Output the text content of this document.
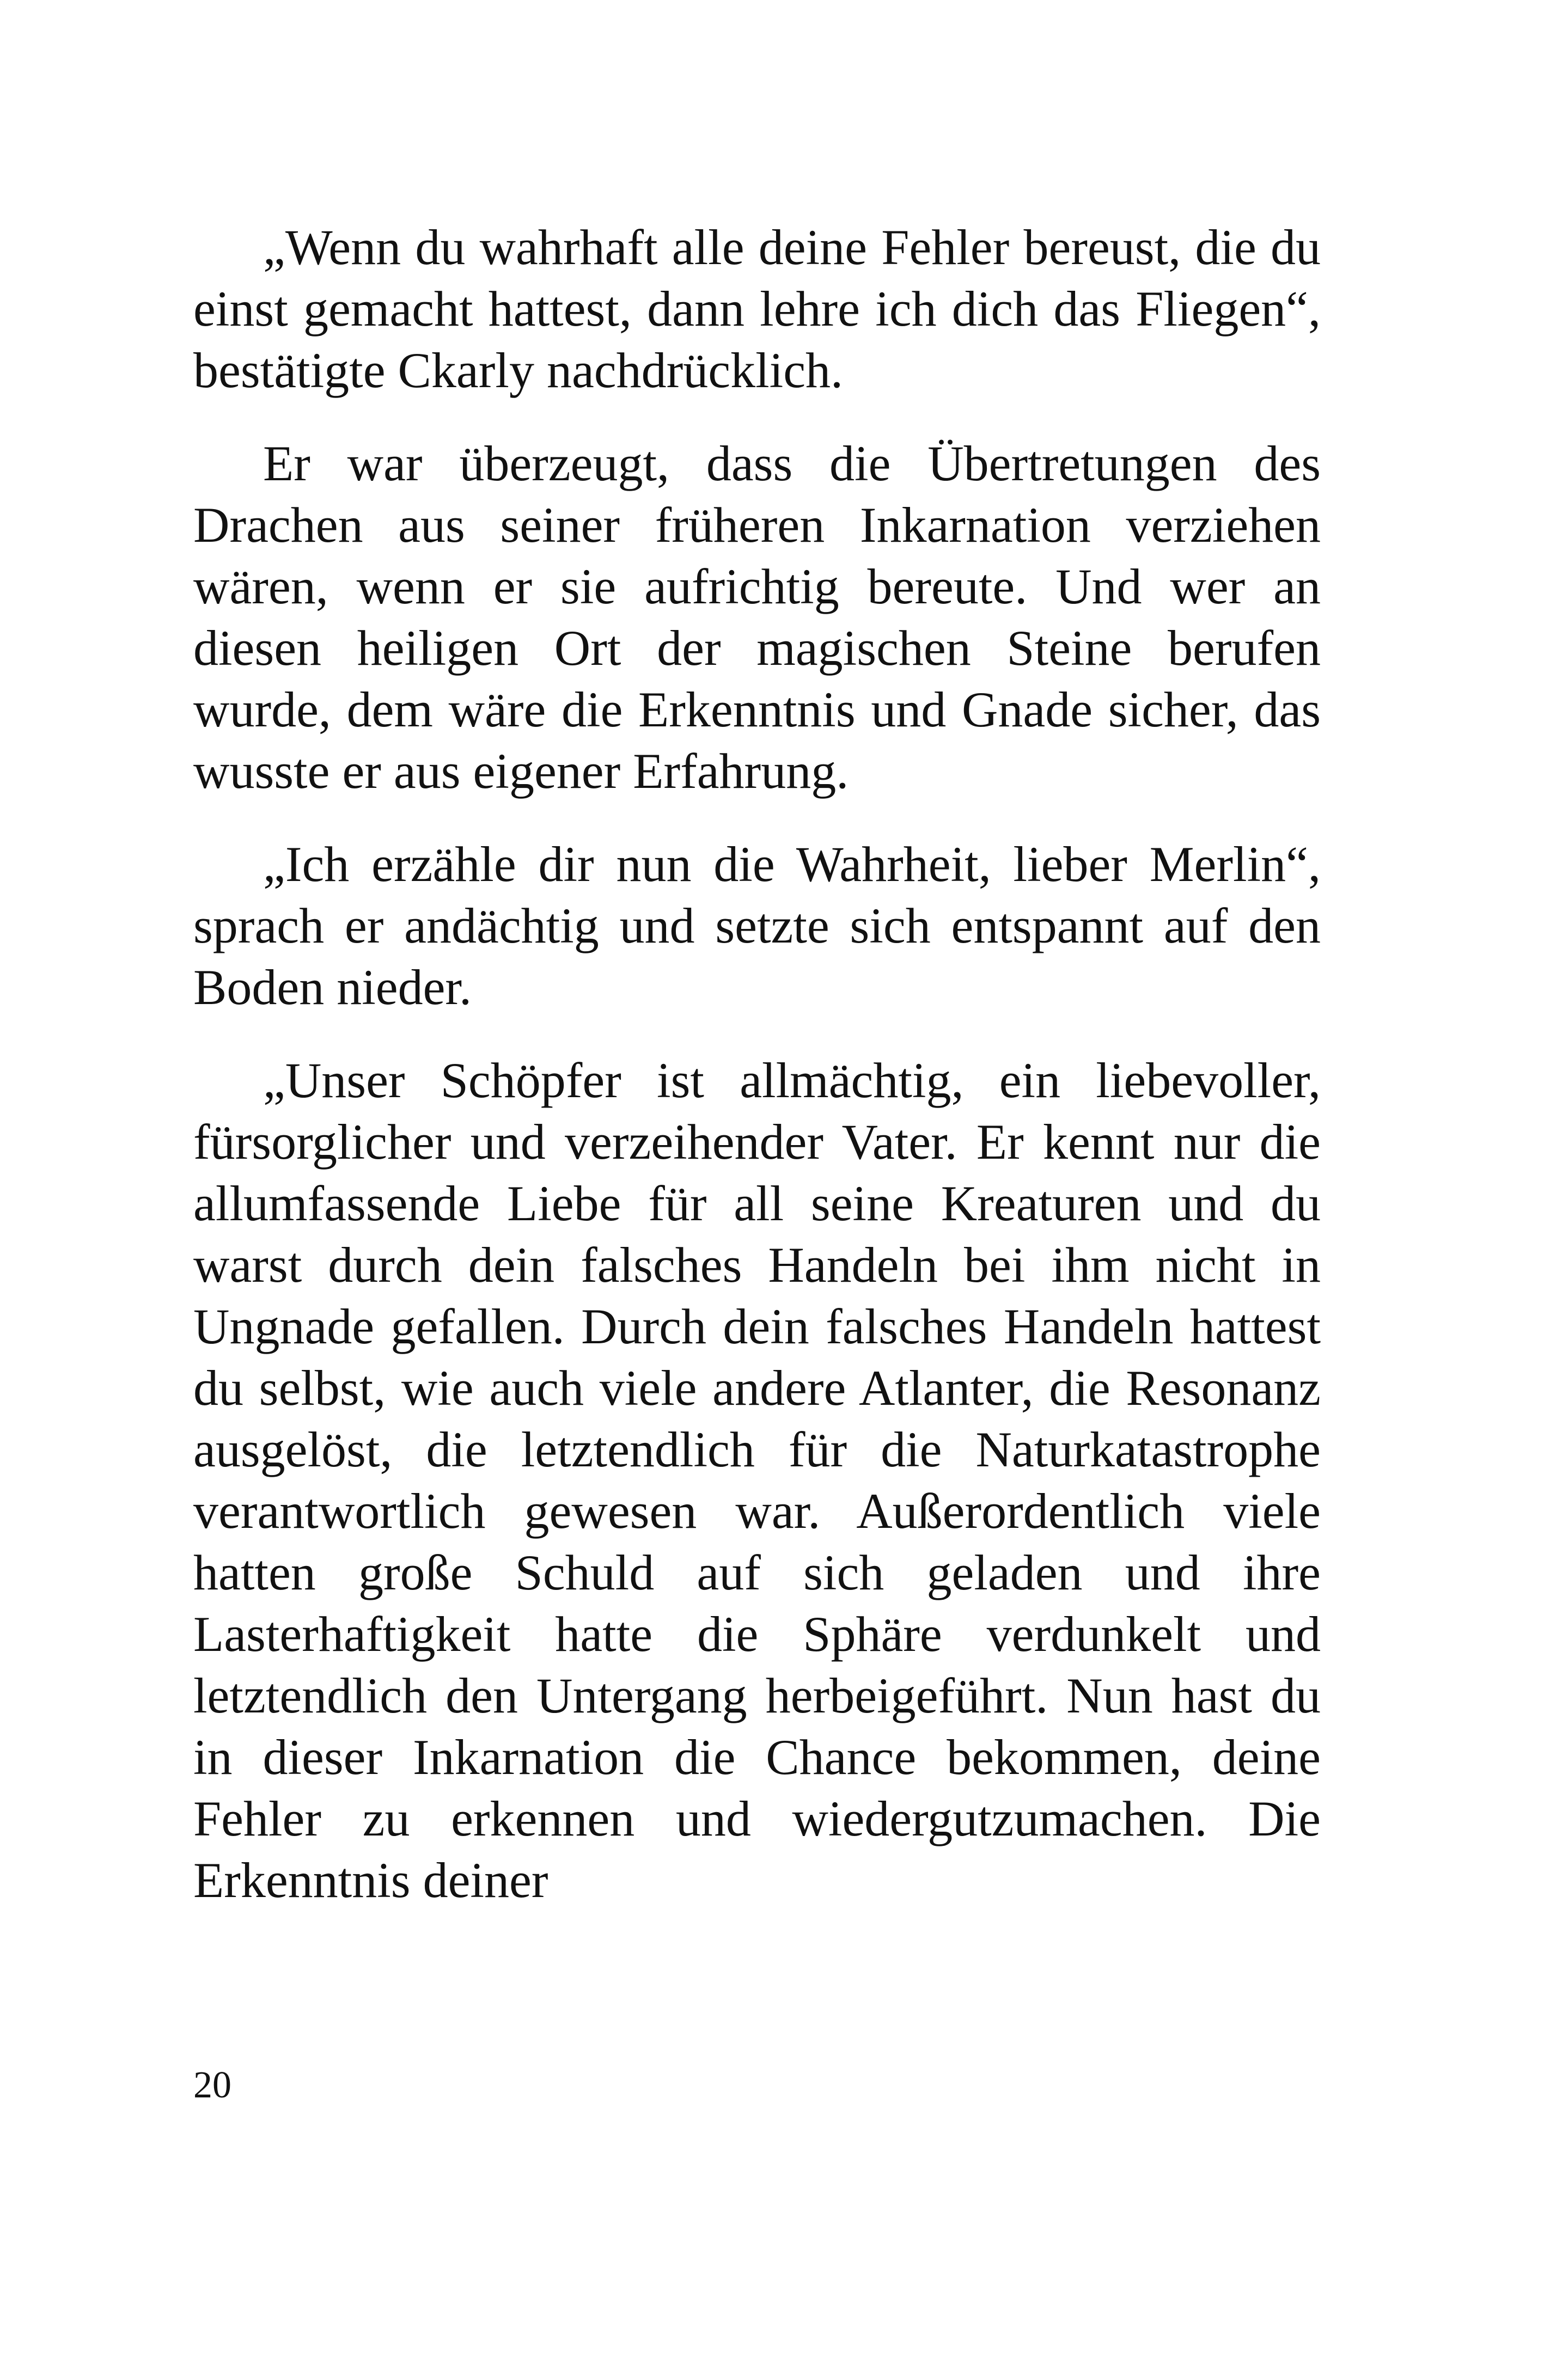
„Wenn du wahrhaft alle deine Fehler bereust, die du einst gemacht hattest, dann lehre ich dich das Fliegen“, bestätigte Ckarly nachdrücklich.

Er war überzeugt, dass die Übertretungen des Drachen aus seiner früheren Inkarnation verziehen wären, wenn er sie aufrichtig bereute. Und wer an diesen heiligen Ort der magischen Steine berufen wurde, dem wäre die Erkenntnis und Gnade sicher, das wusste er aus eigener Erfahrung.

„Ich erzähle dir nun die Wahrheit, lieber Merlin“, sprach er andächtig und setzte sich entspannt auf den Boden nieder.

„Unser Schöpfer ist allmächtig, ein liebevoller, fürsorglicher und verzeihender Vater. Er kennt nur die allumfassende Liebe für all seine Kreaturen und du warst durch dein falsches Handeln bei ihm nicht in Ungnade gefallen. Durch dein falsches Handeln hattest du selbst, wie auch viele andere Atlanter, die Resonanz ausgelöst, die letztendlich für die Naturkatastrophe verantwortlich gewesen war. Außerordentlich viele hatten große Schuld auf sich geladen und ihre Lasterhaftigkeit hatte die Sphäre verdunkelt und letztendlich den Untergang herbeigeführt. Nun hast du in dieser Inkarnation die Chance bekommen, deine Fehler zu erkennen und wiedergutzumachen. Die Erkenntnis deiner

20
